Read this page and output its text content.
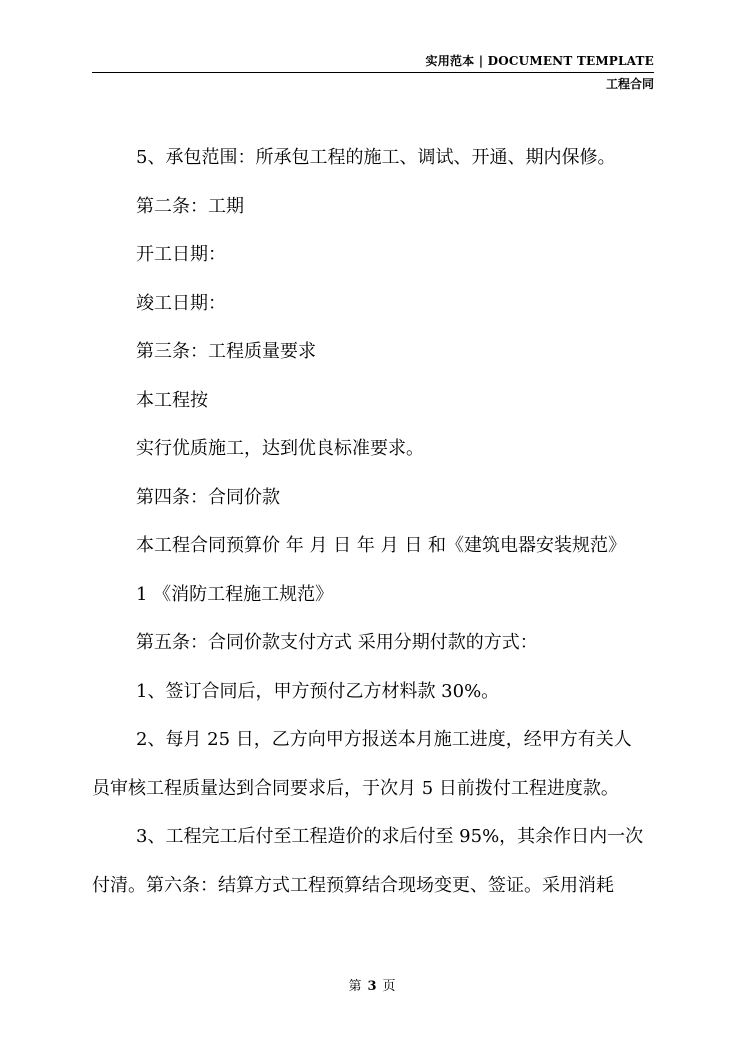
实用范本 | DOCUMENT TEMPLATE
工程合同
5、承包范围：所承包工程的施工、调试、开通、期内保修。
第二条：工期
开工日期：
竣工日期：
第三条：工程质量要求
本工程按
实行优质施工，达到优良标准要求。
第四条：合同价款
本工程合同预算价 年 月 日 年 月 日 和《建筑电器安装规范》
1 《消防工程施工规范》
第五条：合同价款支付方式 采用分期付款的方式：
1、签订合同后，甲方预付乙方材料款 30%。
2、每月 25 日，乙方向甲方报送本月施工进度，经甲方有关人
员审核工程质量达到合同要求后，于次月 5 日前拨付工程进度款。
3、工程完工后付至工程造价的求后付至 95%，其余作日内一次
付清。第六条：结算方式工程预算结合现场变更、签证。采用消耗
第 3 页
